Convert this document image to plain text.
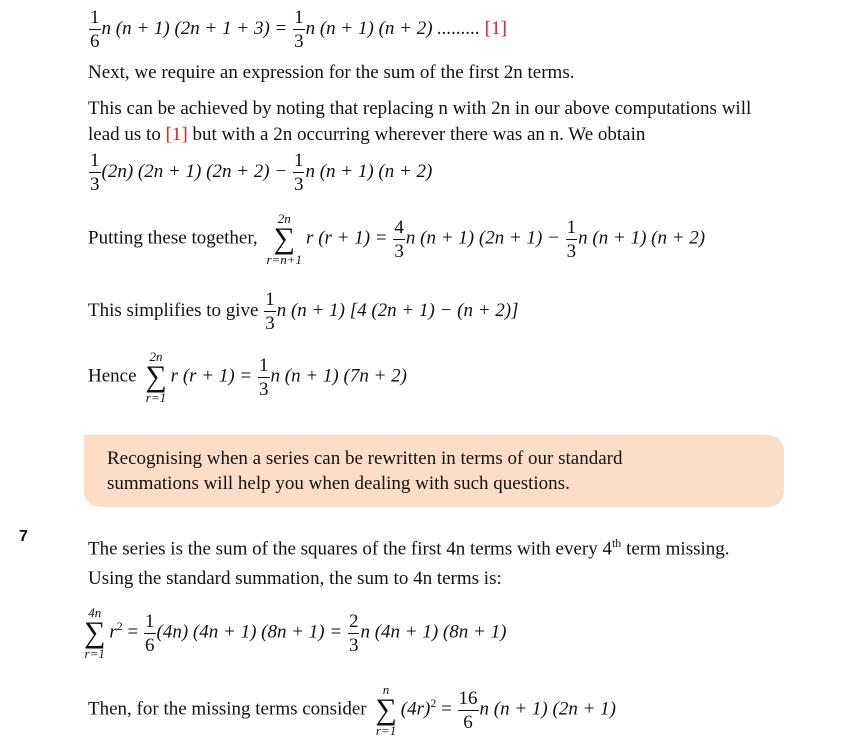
$\frac{1}{6}$ n (n + 1) $(2n + 1 + 3) = \frac{1}{3}$ n (n + 1) (n + 2) ......... [1]
Next, we require an expression for the sum of the first 2n terms.
This can be achieved by noting that replacing n with 2n in our above computations will
lead us to [1] but with a 2n occurring wherever there was an n. We obtain
$\frac{1}{3} (2n) (2n + 1) (2n + 2) - \frac{1}{3}$ n (n + 1) (n + 2)
Putting these together,
2n
∑
r=n+1
r $(r + 1) = \frac{4}{3}$ n (n + 1) $(2n + 1) - \frac{1}{3}$ n (n + 1) (n + 2)
This simplifies to give $\frac{1}{3}$ n (n + 1) [4 (2n + 1) − (n + 2)]
Hence
2n
∑
r=1
r $(r + 1) = \frac{1}{3}$ n (n + 1) (7n + 2)
Recognising when a series can be rewritten in terms of our standard
summations will help you when dealing with such questions.
7
The series is the sum of the squares of the first 4n terms with every 4th term missing.
Using the standard summation, the sum to 4n terms is:
4n
∑
r=1
$r^2 = \frac{1}{6} (4n) (4n + 1) (8n + 1) = \frac{2}{3}$ n (4n + 1) (8n + 1)
Then, for the missing terms consider
n
∑
r=1
$(4r)^2 = \frac{16}{6}$ n (n + 1) (2n + 1)
